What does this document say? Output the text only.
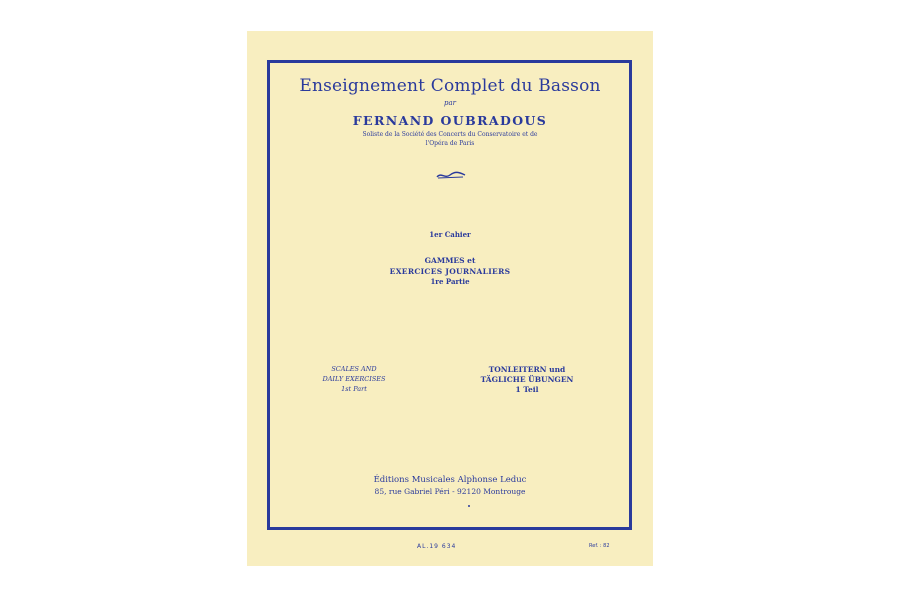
Enseignement Complet du Basson
par
FERNAND OUBRADOUS
Soliste de la Société des Concerts du Conservatoire et de
l'Opéra de Paris
1er Cahier
GAMMES et
EXERCICES JOURNALIERS
1re Partie
SCALES AND
DAILY EXERCISES
1st Part
TONLEITERN und
TÄGLICHE ÜBUNGEN
1 Teil
Éditions Musicales Alphonse Leduc
85, rue Gabriel Péri - 92120 Montrouge
AL.19 634	Ref. : 82
